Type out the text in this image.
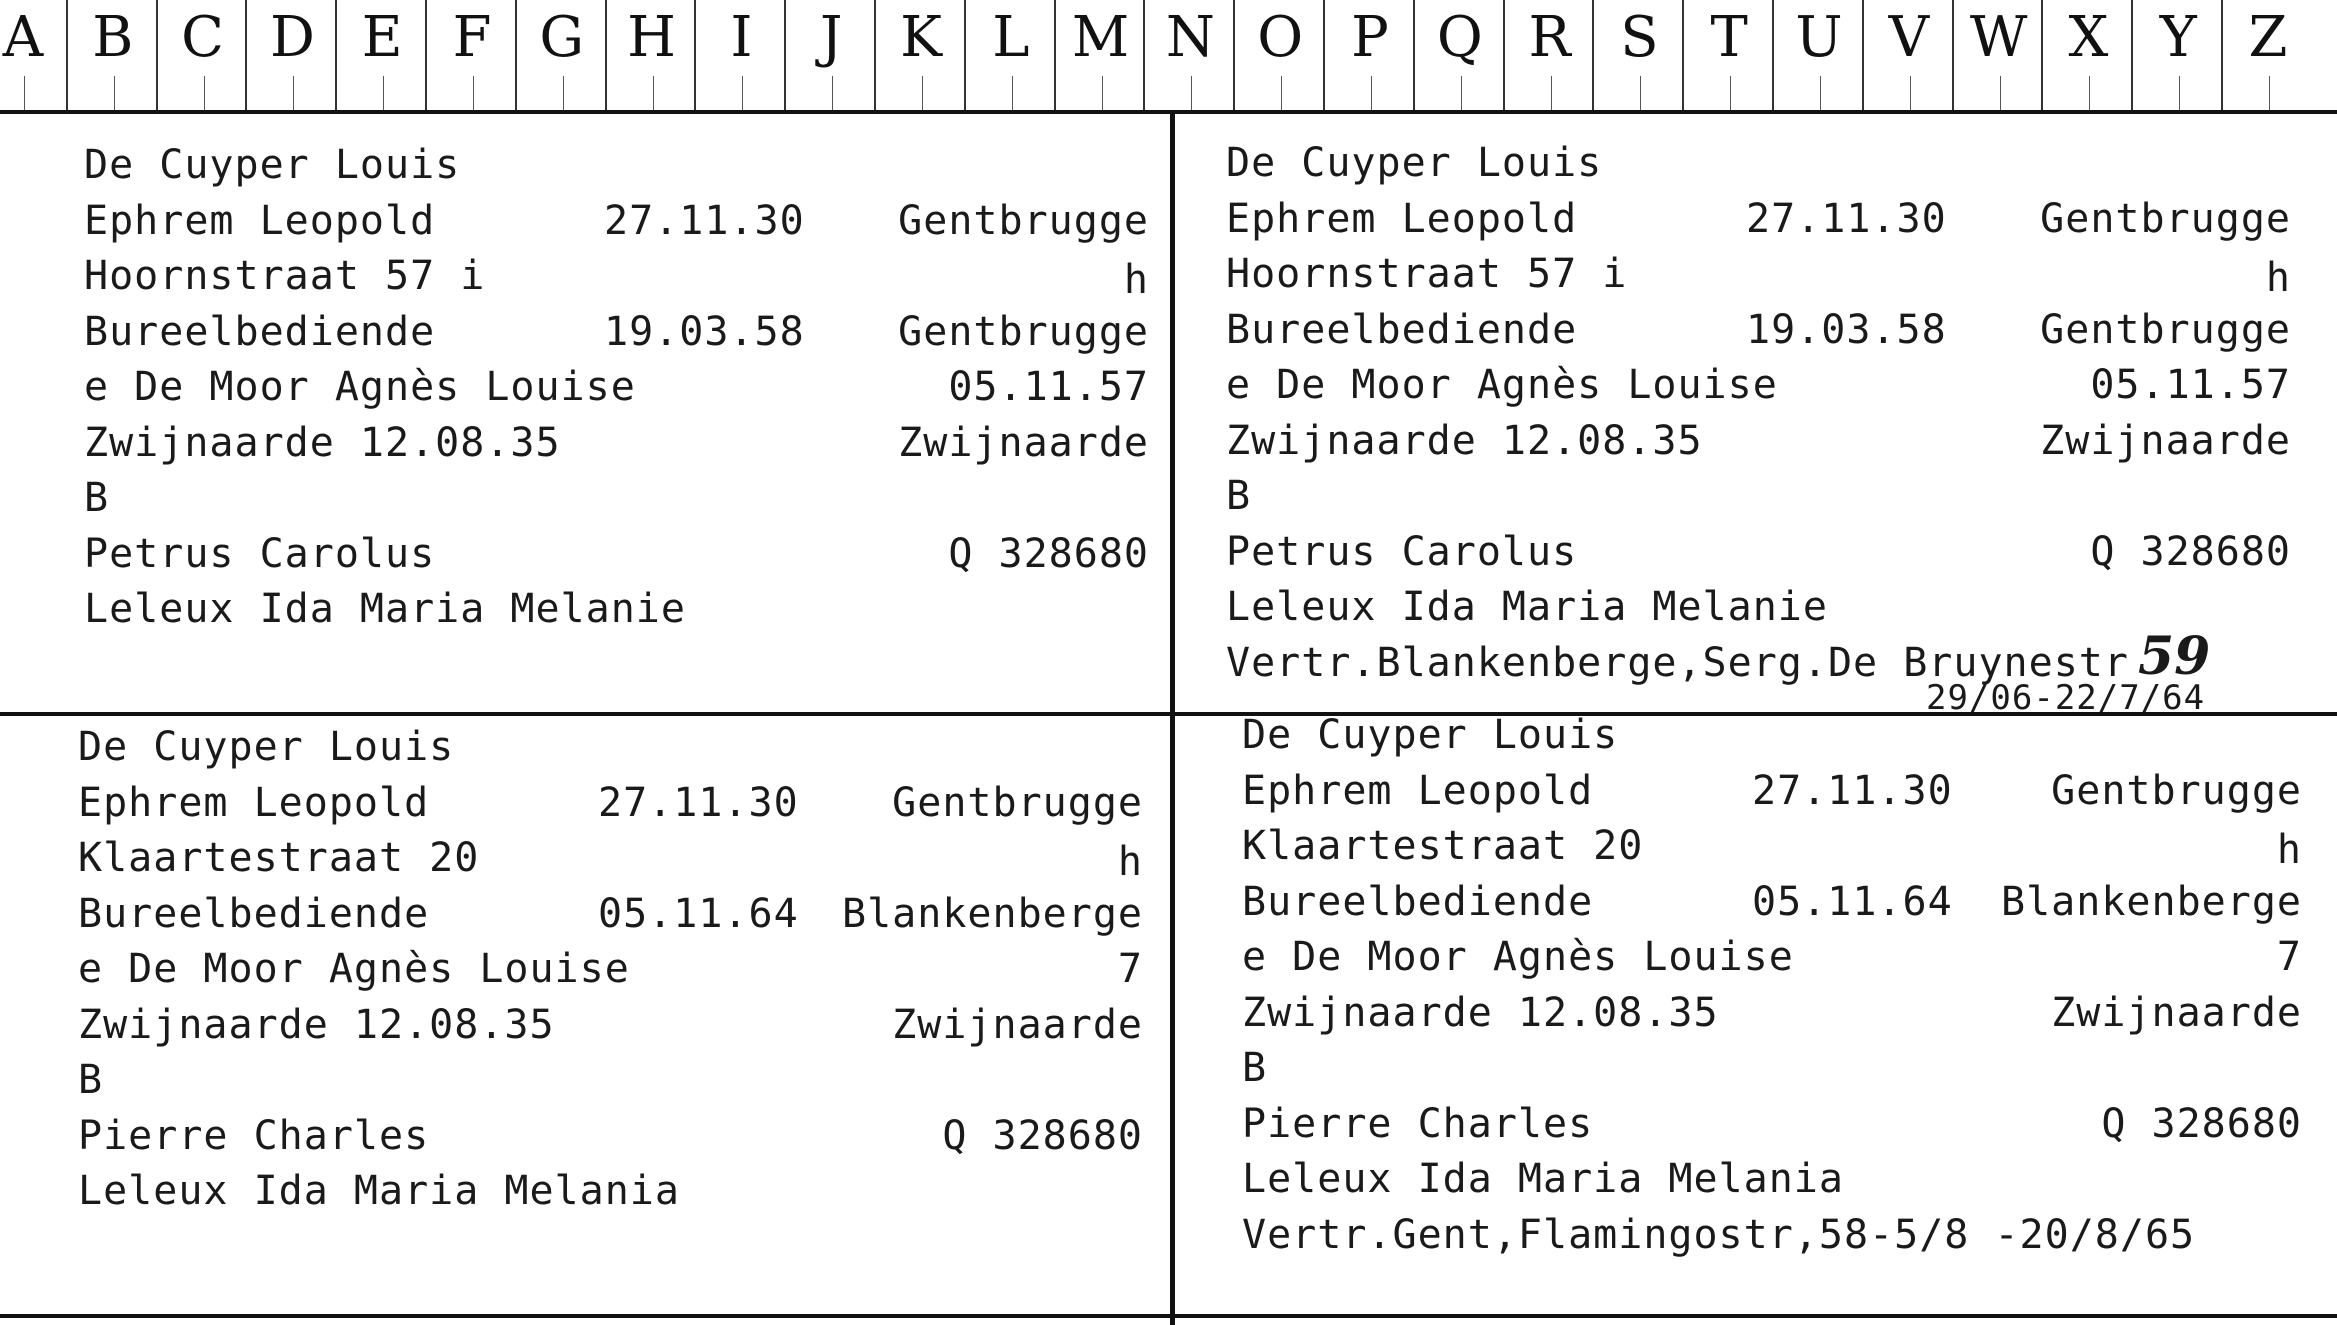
A B C D E F G H I	J	K L M N O P Q R S T U V W X Y Z
De Cuyper Louis
Ephrem Leopold	27.11.30 Gentbrugge
Hoornstraat 57 i	h
Bureelbediende	19.03.58 Gentbrugge
e De Moor Agnès Louise	05.11.57
Zwijnaarde 12.08.35	Zwijnaarde
B
Petrus Carolus	Q 328680
Leleux Ida Maria Melanie
De Cuyper Louis
Ephrem Leopold	27.11.30 Gentbrugge
Hoornstraat 57 i	h
Bureelbediende	19.03.58 Gentbrugge
e De Moor Agnès Louise	05.11.57
Zwijnaarde 12.08.35	Zwijnaarde
B
Petrus Carolus	Q 328680
Leleux Ida Maria Melanie
Vertr.Blankenberge,Serg.De Bruynestr 59
29/06-22/7/64
De Cuyper Louis
Ephrem Leopold	27.11.30 Gentbrugge
Klaartestraat 20	h
Bureelbediende	05.11.64 Blankenberge
e De Moor Agnès Louise	7
Zwijnaarde 12.08.35	Zwijnaarde
B
Pierre Charles	Q 328680
Leleux Ida Maria Melania
De Cuyper Louis
Ephrem Leopold	27.11.30 Gentbrugge
Klaartestraat 20	h
Bureelbediende	05.11.64 Blankenberge
e De Moor Agnès Louise	7
Zwijnaarde 12.08.35	Zwijnaarde
B
Pierre Charles	Q 328680
Leleux Ida Maria Melania
Vertr.Gent,Flamingostr,58-5/8 -20/8/65
